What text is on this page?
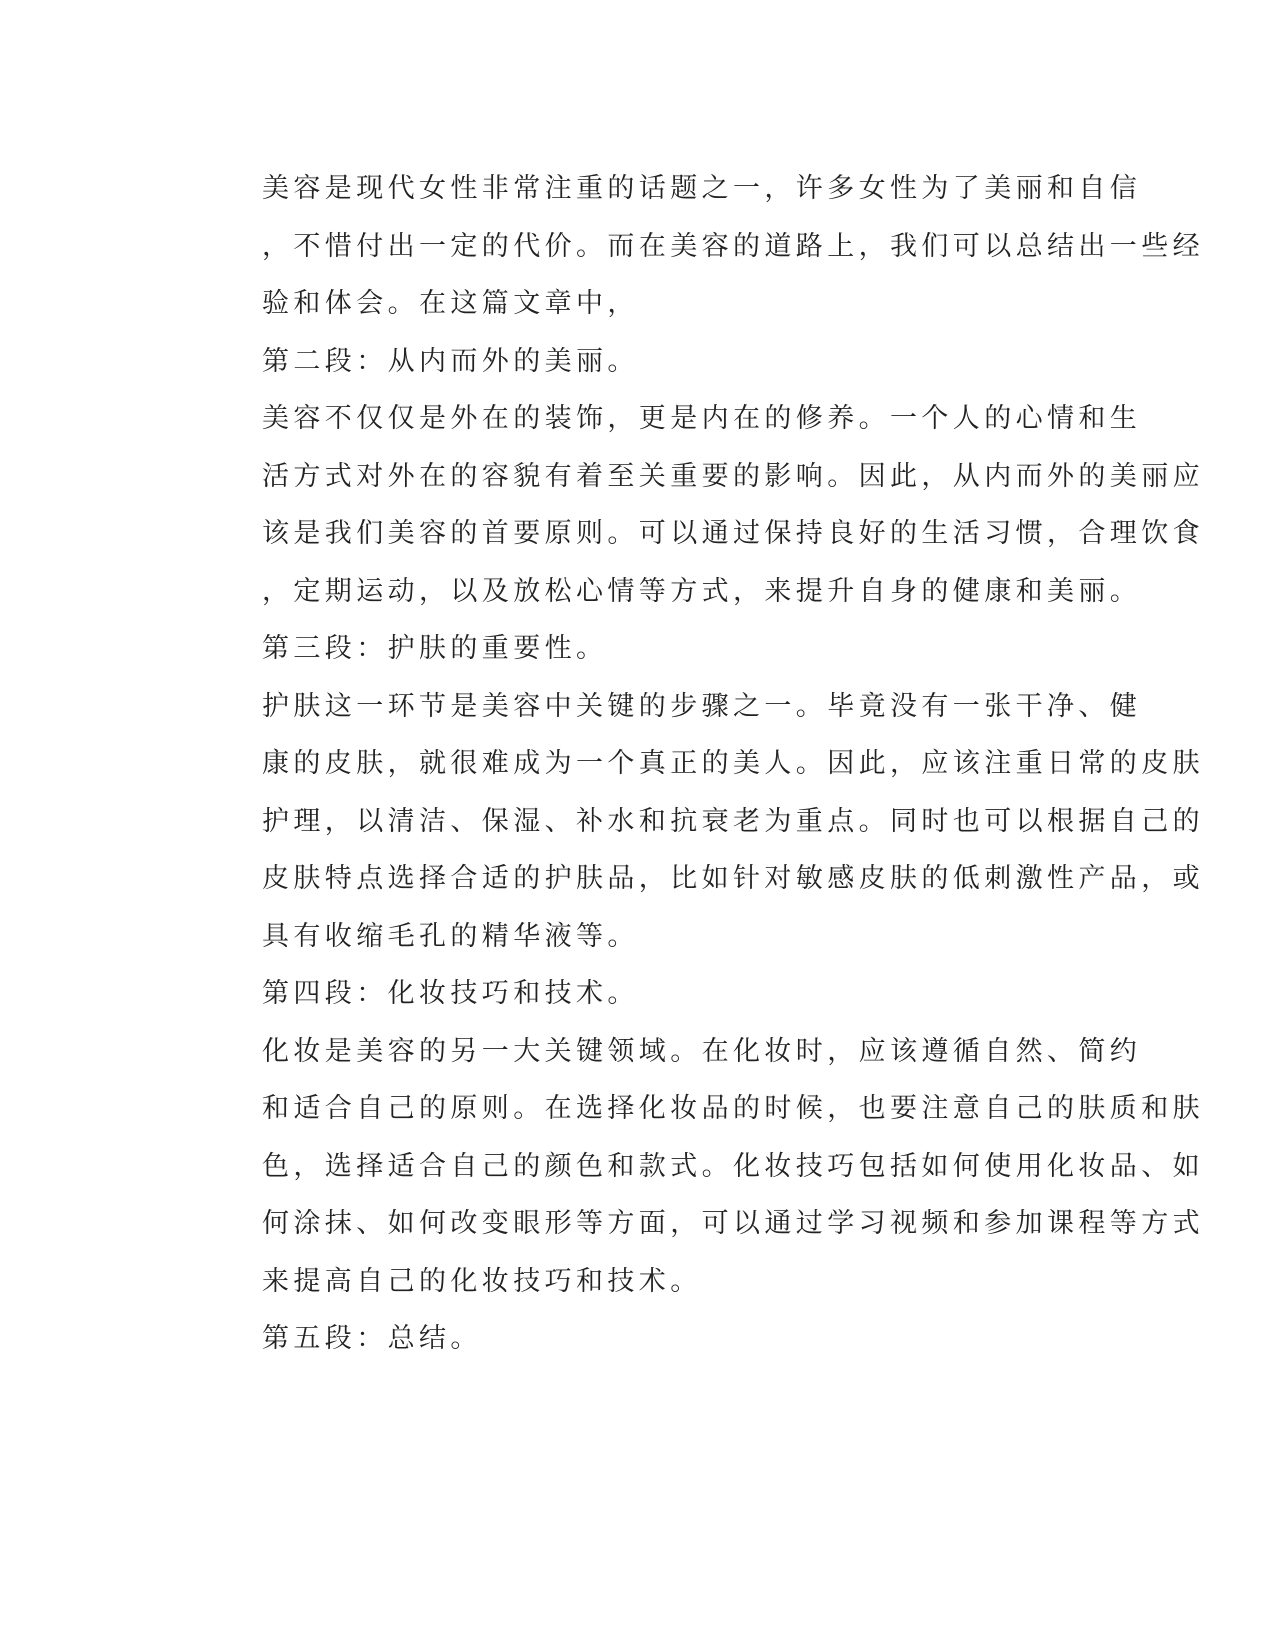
美容是现代女性非常注重的话题之一，许多女性为了美丽和自信
，不惜付出一定的代价。而在美容的道路上，我们可以总结出一些经
验和体会。在这篇文章中，

第二段：从内而外的美丽。

美容不仅仅是外在的装饰，更是内在的修养。一个人的心情和生
活方式对外在的容貌有着至关重要的影响。因此，从内而外的美丽应
该是我们美容的首要原则。可以通过保持良好的生活习惯，合理饮食
，定期运动，以及放松心情等方式，来提升自身的健康和美丽。

第三段：护肤的重要性。

护肤这一环节是美容中关键的步骤之一。毕竟没有一张干净、健
康的皮肤，就很难成为一个真正的美人。因此，应该注重日常的皮肤
护理，以清洁、保湿、补水和抗衰老为重点。同时也可以根据自己的
皮肤特点选择合适的护肤品，比如针对敏感皮肤的低刺激性产品，或
具有收缩毛孔的精华液等。

第四段：化妆技巧和技术。

化妆是美容的另一大关键领域。在化妆时，应该遵循自然、简约
和适合自己的原则。在选择化妆品的时候，也要注意自己的肤质和肤
色，选择适合自己的颜色和款式。化妆技巧包括如何使用化妆品、如
何涂抹、如何改变眼形等方面，可以通过学习视频和参加课程等方式
来提高自己的化妆技巧和技术。

第五段：总结。
